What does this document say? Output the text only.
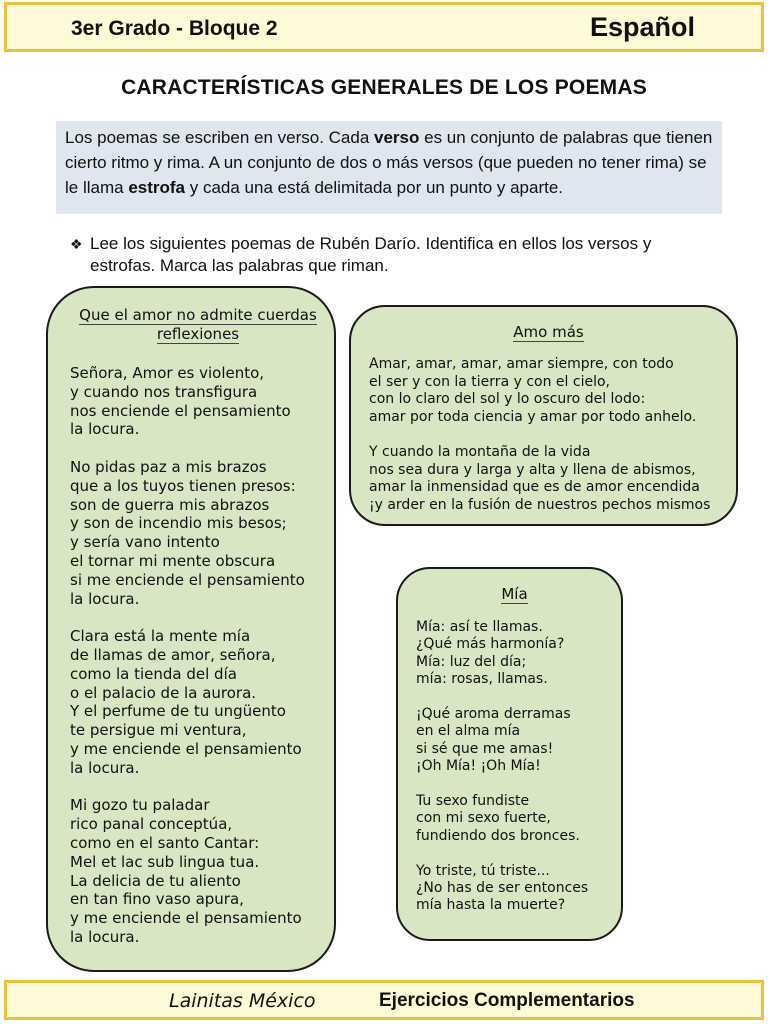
3er Grado - Bloque 2	Español
CARACTERÍSTICAS GENERALES DE LOS POEMAS
Los poemas se escriben en verso. Cada verso es un conjunto de palabras que tienen cierto ritmo y rima. A un conjunto de dos o más versos (que pueden no tener rima) se le llama estrofa y cada una está delimitada por un punto y aparte.
❖ Lee los siguientes poemas de Rubén Darío. Identifica en ellos los versos y estrofas. Marca las palabras que riman.
Que el amor no admite cuerdas reflexiones

Señora, Amor es violento,
y cuando nos transfigura
nos enciende el pensamiento
la locura.

No pidas paz a mis brazos
que a los tuyos tienen presos:
son de guerra mis abrazos
y son de incendio mis besos;
y sería vano intento
el tornar mi mente obscura
si me enciende el pensamiento
la locura.

Clara está la mente mía
de llamas de amor, señora,
como la tienda del día
o el palacio de la aurora.
Y el perfume de tu ungüento
te persigue mi ventura,
y me enciende el pensamiento
la locura.

Mi gozo tu paladar
rico panal conceptúa,
como en el santo Cantar:
Mel et lac sub lingua tua.
La delicia de tu aliento
en tan fino vaso apura,
y me enciende el pensamiento
la locura.

Amo más

Amar, amar, amar, amar siempre, con todo
el ser y con la tierra y con el cielo,
con lo claro del sol y lo oscuro del lodo:
amar por toda ciencia y amar por todo anhelo.

Y cuando la montaña de la vida
nos sea dura y larga y alta y llena de abismos,
amar la inmensidad que es de amor encendida
¡y arder en la fusión de nuestros pechos mismos

Mía

Mía: así te llamas.
¿Qué más harmonía?
Mía: luz del día;
mía: rosas, llamas.

¡Qué aroma derramas
en el alma mía
si sé que me amas!
¡Oh Mía! ¡Oh Mía!

Tu sexo fundiste
con mi sexo fuerte,
fundiendo dos bronces.

Yo triste, tú triste...
¿No has de ser entonces
mía hasta la muerte?

Lainitas México	Ejercicios Complementarios
